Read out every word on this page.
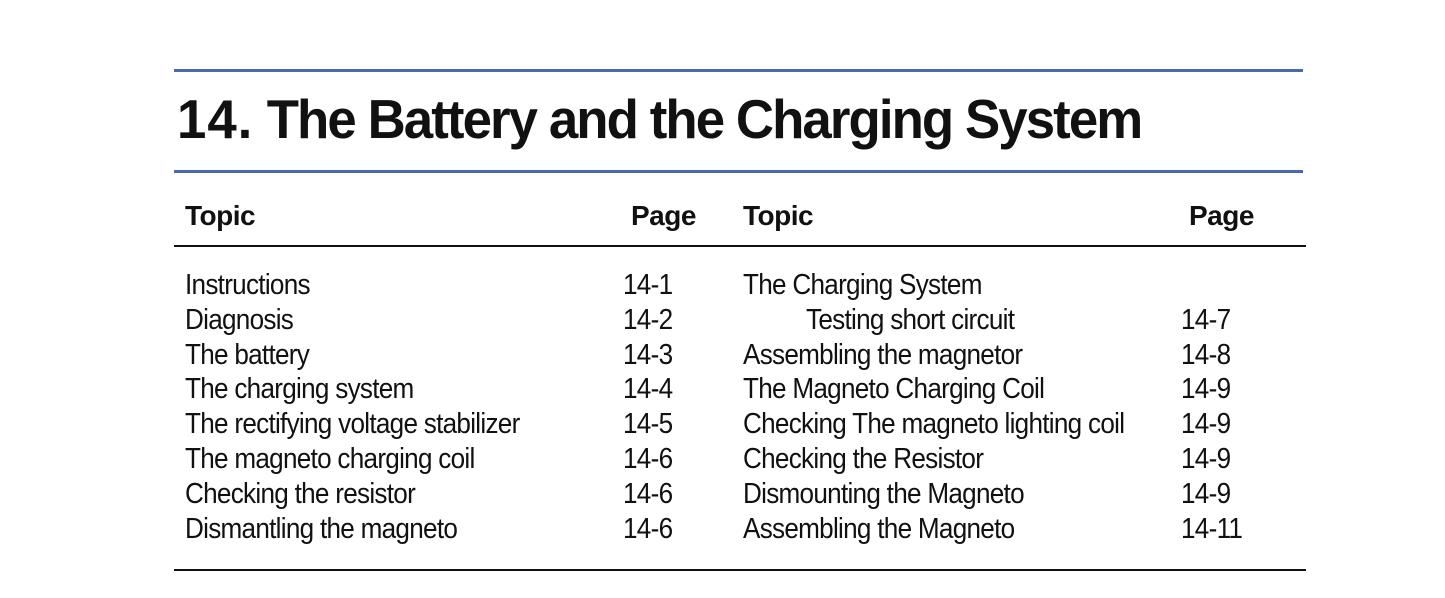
14. The Battery and the Charging System
Topic	Page Topic	Page
Instructions
Diagnosis
The battery
The charging system
The rectifying voltage stabilizer
The magneto charging coil
Checking the resistor
Dismantling the magneto
14-1
14-2
14-3
14-4
14-5
14-6
14-6
14-6
The Charging System
Testing short circuit
Assembling the magnetor
The Magneto Charging Coil
Checking The magneto lighting coil
Checking the Resistor
Dismounting the Magneto
Assembling the Magneto
14-7
14-8
14-9
14-9
14-9
14-9
14-11
